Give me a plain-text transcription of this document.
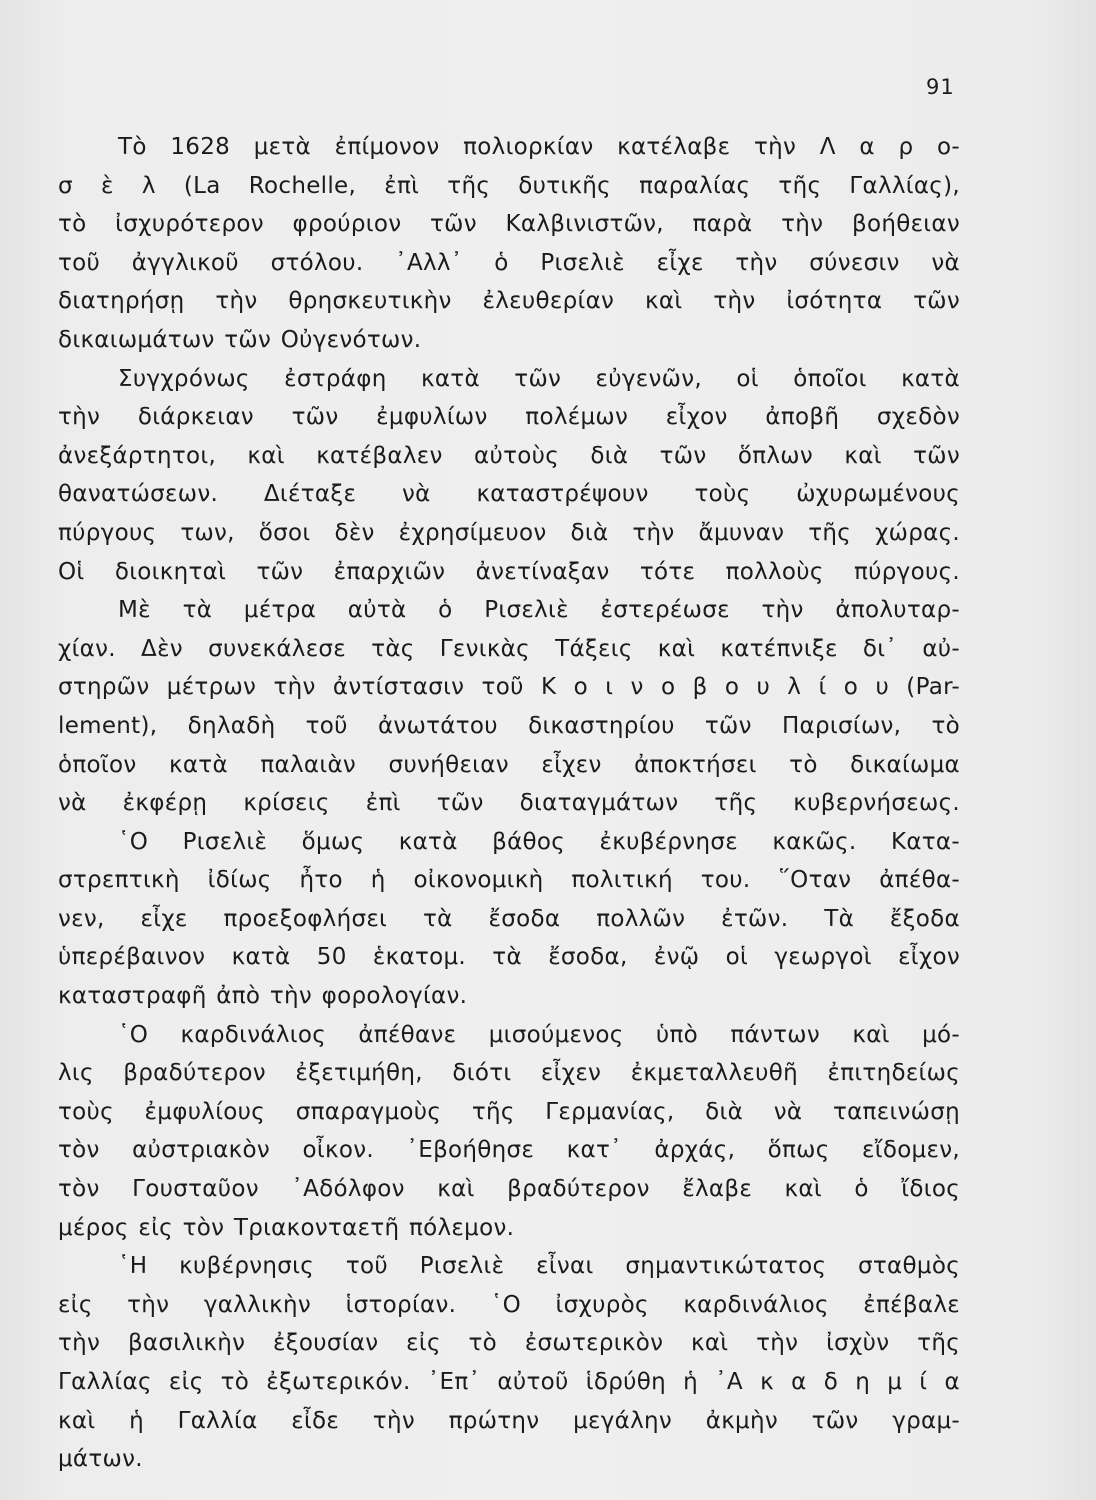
91
Τὸ 1628 μετὰ ἐπίμονον πολιορκίαν κατέλαβε τὴν Λ α ρ ο-
σ ὲ λ (La Rochelle, ἐπὶ τῆς δυτικῆς παραλίας τῆς Γαλλίας),
τὸ ἰσχυρότερον φρούριον τῶν Καλβινιστῶν, παρὰ τὴν βοήθειαν
τοῦ ἀγγλικοῦ στόλου. ᾿Αλλ᾿ ὁ Ρισελιὲ εἶχε τὴν σύνεσιν νὰ
διατηρήσῃ τὴν θρησκευτικὴν ἐλευθερίαν καὶ τὴν ἰσότητα τῶν
δικαιωμάτων τῶν Οὐγενότων.
Συγχρόνως ἐστράφη κατὰ τῶν εὐγενῶν, οἱ ὁποῖοι κατὰ
τὴν διάρκειαν τῶν ἐμφυλίων πολέμων εἶχον ἀποβῆ σχεδὸν
ἀνεξάρτητοι, καὶ κατέβαλεν αὐτοὺς διὰ τῶν ὅπλων καὶ τῶν
θανατώσεων. Διέταξε νὰ καταστρέψουν τοὺς ὠχυρωμένους
πύργους των, ὅσοι δὲν ἐχρησίμευον διὰ τὴν ἄμυναν τῆς χώρας.
Οἱ διοικηταὶ τῶν ἐπαρχιῶν ἀνετίναξαν τότε πολλοὺς πύργους.
Μὲ τὰ μέτρα αὐτὰ ὁ Ρισελιὲ ἐστερέωσε τὴν ἀπολυταρ-
χίαν. Δὲν συνεκάλεσε τὰς Γενικὰς Τάξεις καὶ κατέπνιξε δι᾿ αὐ-
στηρῶν μέτρων τὴν ἀντίστασιν τοῦ Κ ο ι ν ο β ο υ λ ί ο υ (Par-
lement), δηλαδὴ τοῦ ἀνωτάτου δικαστηρίου τῶν Παρισίων, τὸ
ὁποῖον κατὰ παλαιὰν συνήθειαν εἶχεν ἀποκτήσει τὸ δικαίωμα
νὰ ἐκφέρῃ κρίσεις ἐπὶ τῶν διαταγμάτων τῆς κυβερνήσεως.
῾Ο Ρισελιὲ ὅμως κατὰ βάθος ἐκυβέρνησε κακῶς. Κατα-
στρεπτικὴ ἰδίως ἦτο ἡ οἰκονομικὴ πολιτική του. ῞Οταν ἀπέθα-
νεν, εἶχε προεξοφλήσει τὰ ἔσοδα πολλῶν ἐτῶν. Τὰ ἔξοδα
ὑπερέβαινον κατὰ 50 ἑκατομ. τὰ ἔσοδα, ἐνῷ οἱ γεωργοὶ εἶχον
καταστραφῆ ἀπὸ τὴν φορολογίαν.
῾Ο καρδινάλιος ἀπέθανε μισούμενος ὑπὸ πάντων καὶ μό-
λις βραδύτερον ἐξετιμήθη, διότι εἶχεν ἐκμεταλλευθῆ ἐπιτηδείως
τοὺς ἐμφυλίους σπαραγμοὺς τῆς Γερμανίας, διὰ νὰ ταπεινώσῃ
τὸν αὐστριακὸν οἶκον. ᾿Εβοήθησε κατ᾿ ἀρχάς, ὅπως εἴδομεν,
τὸν Γουσταῦον ᾿Αδόλφον καὶ βραδύτερον ἔλαβε καὶ ὁ ἴδιος
μέρος εἰς τὸν Τριακονταετῆ πόλεμον.
῾Η κυβέρνησις τοῦ Ρισελιὲ εἶναι σημαντικώτατος σταθμὸς
εἰς τὴν γαλλικὴν ἱστορίαν. ῾Ο ἰσχυρὸς καρδινάλιος ἐπέβαλε
τὴν βασιλικὴν ἐξουσίαν εἰς τὸ ἐσωτερικὸν καὶ τὴν ἰσχὺν τῆς
Γαλλίας εἰς τὸ ἐξωτερικόν. ᾿Επ᾿ αὐτοῦ ἱδρύθη ἡ ᾿Α κ α δ η μ ί α
καὶ ἡ Γαλλία εἶδε τὴν πρώτην μεγάλην ἀκμὴν τῶν γραμ-
μάτων.
